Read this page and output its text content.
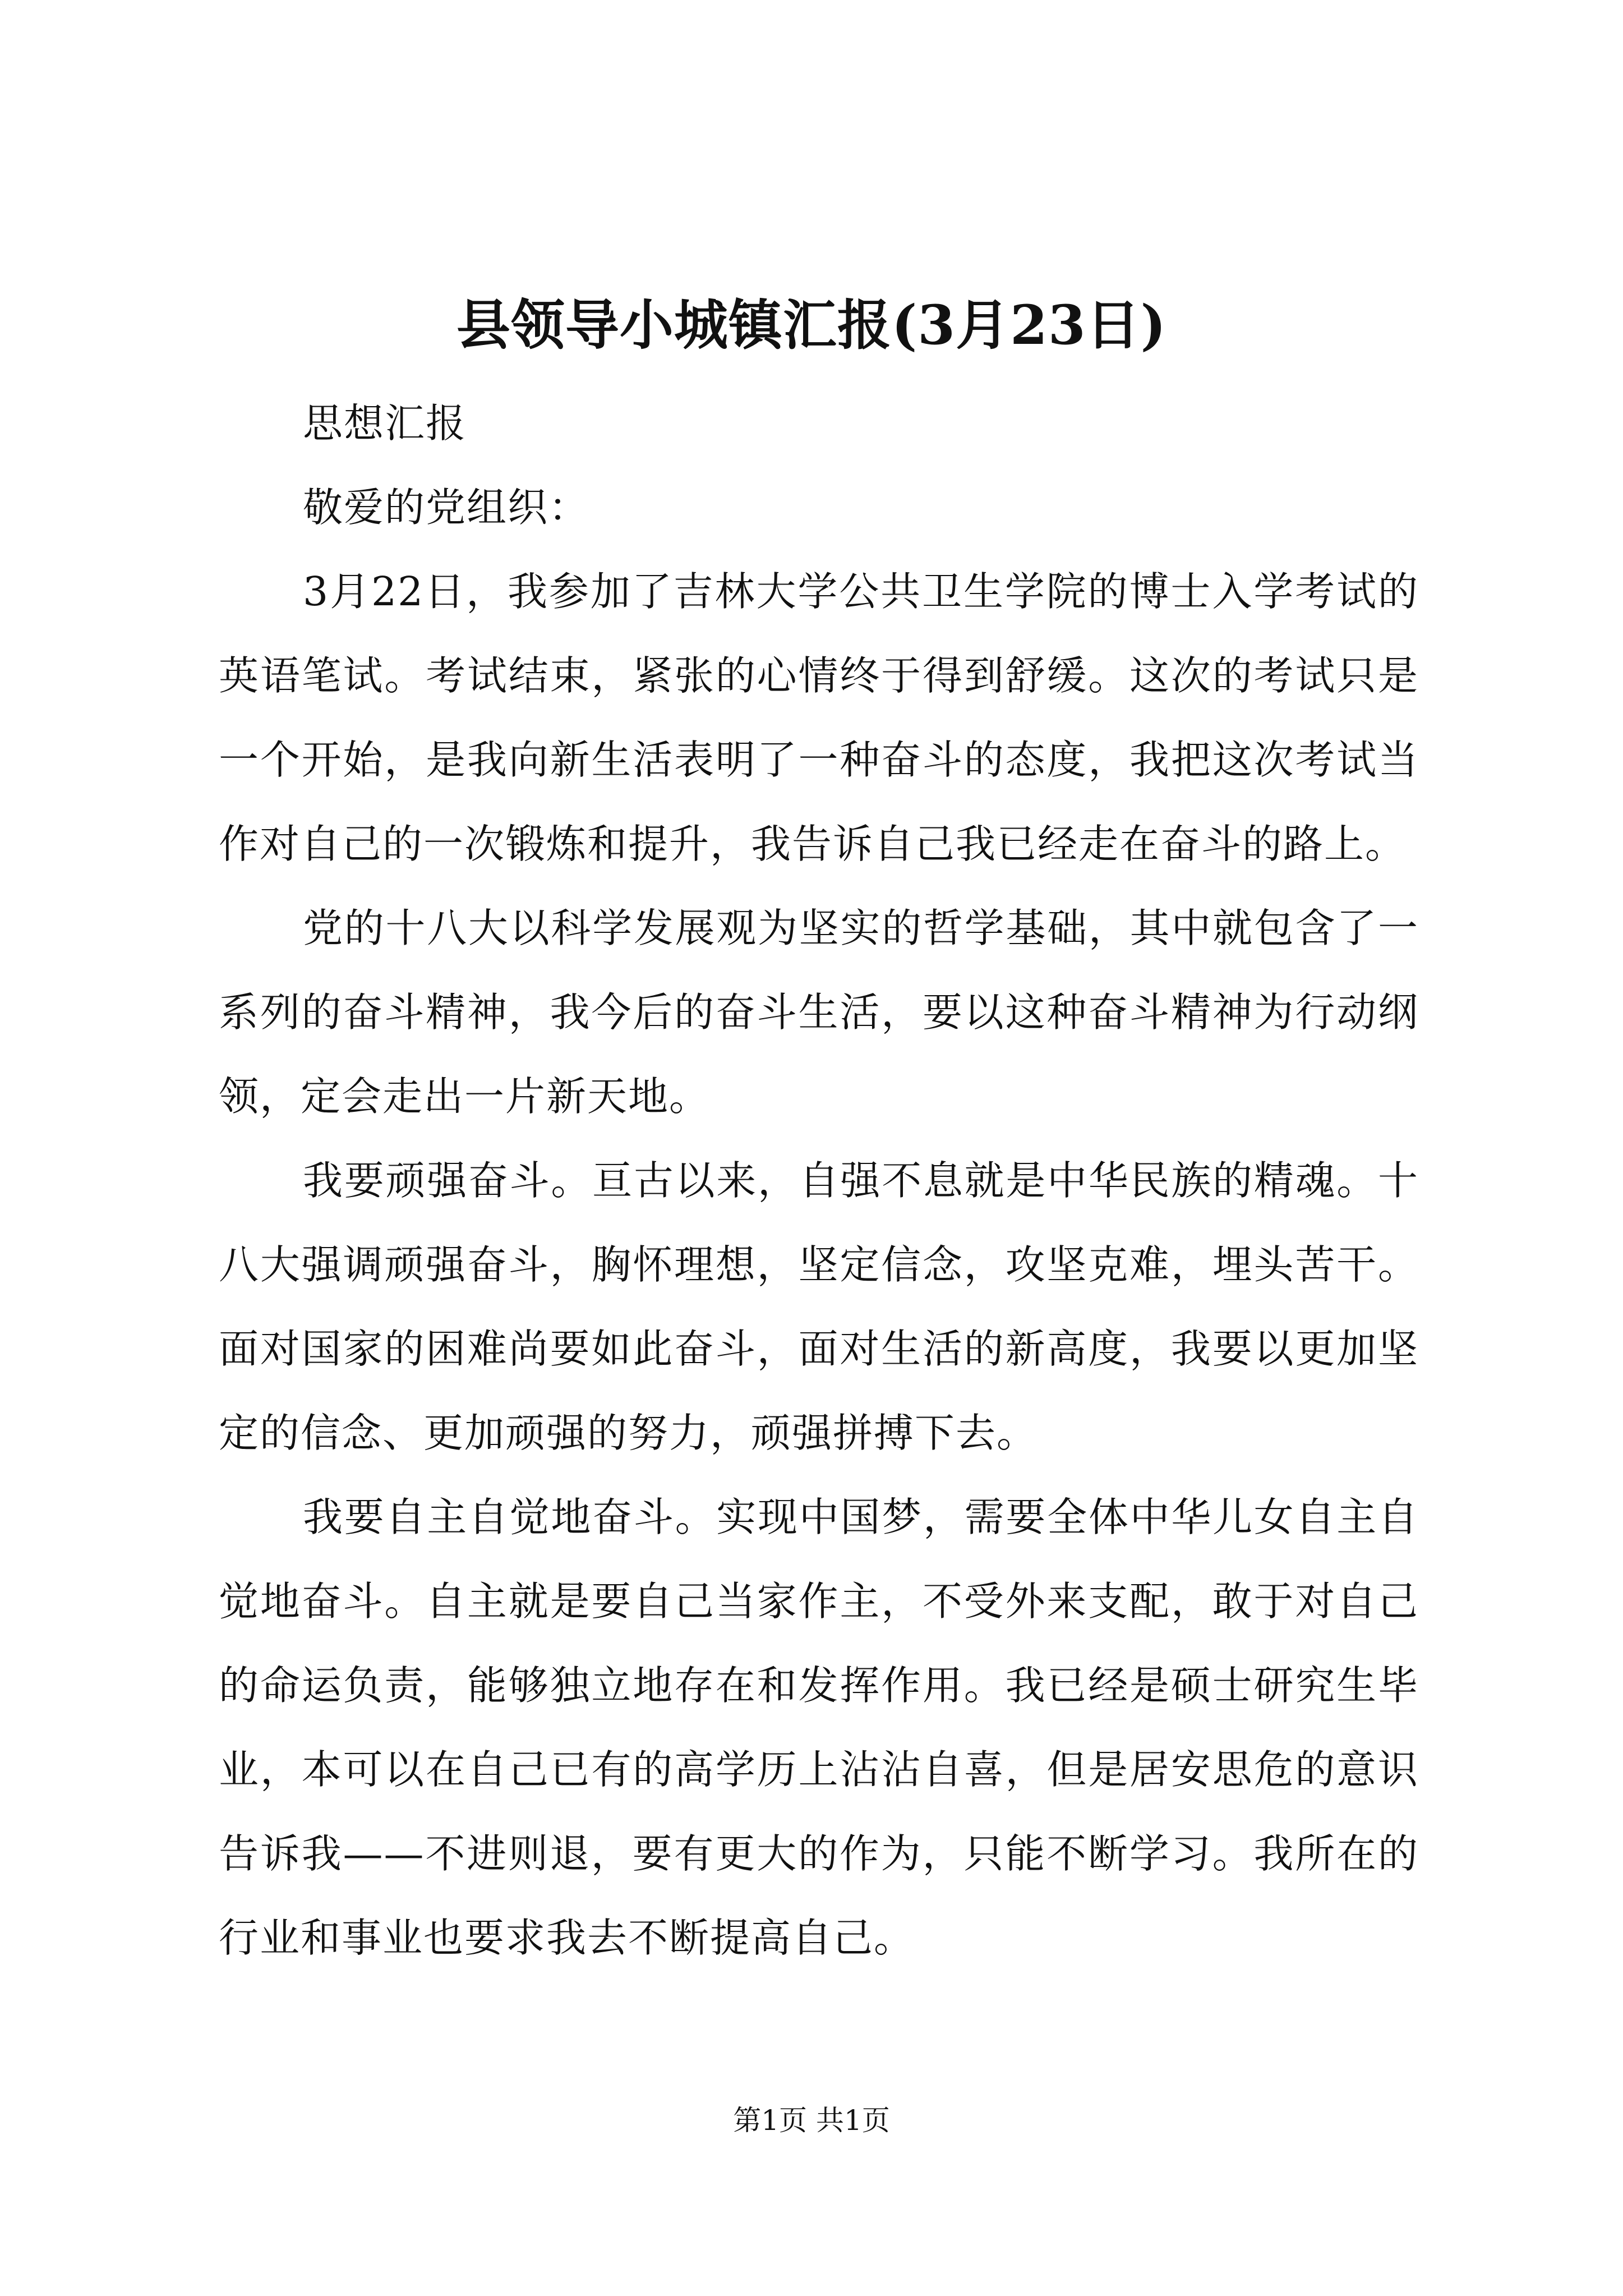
县领导小城镇汇报(3月23日)

思想汇报

敬爱的党组织：

3月22日，我参加了吉林大学公共卫生学院的博士入学考试的英语笔试。考试结束，紧张的心情终于得到舒缓。这次的考试只是一个开始，是我向新生活表明了一种奋斗的态度，我把这次考试当作对自己的一次锻炼和提升，我告诉自己我已经走在奋斗的路上。

党的十八大以科学发展观为坚实的哲学基础，其中就包含了一系列的奋斗精神，我今后的奋斗生活，要以这种奋斗精神为行动纲领，定会走出一片新天地。

我要顽强奋斗。亘古以来，自强不息就是中华民族的精魂。十八大强调顽强奋斗，胸怀理想，坚定信念，攻坚克难，埋头苦干。面对国家的困难尚要如此奋斗，面对生活的新高度，我要以更加坚定的信念、更加顽强的努力，顽强拼搏下去。

我要自主自觉地奋斗。实现中国梦，需要全体中华儿女自主自觉地奋斗。自主就是要自己当家作主，不受外来支配，敢于对自己的命运负责，能够独立地存在和发挥作用。我已经是硕士研究生毕业，本可以在自己已有的高学历上沾沾自喜，但是居安思危的意识告诉我——不进则退，要有更大的作为，只能不断学习。我所在的行业和事业也要求我去不断提高自己。

第1页 共1页
